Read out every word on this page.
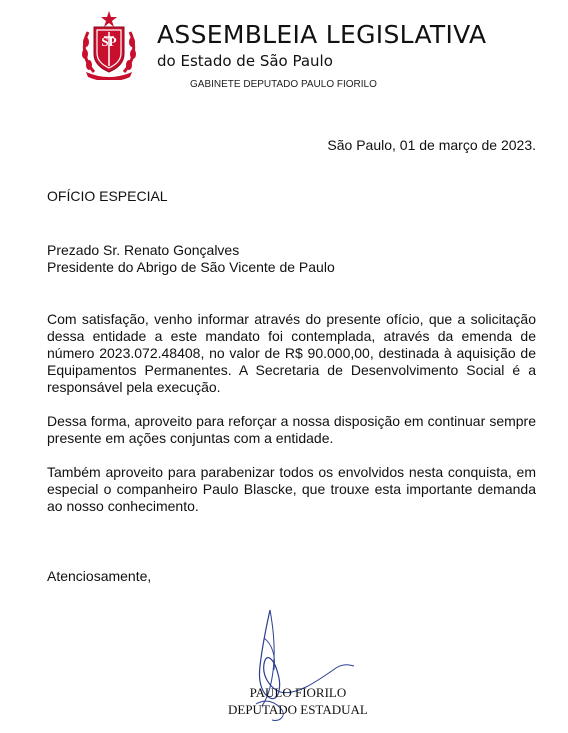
SP ASSEMBLEIA LEGISLATIVA
do Estado de São Paulo
GABINETE DEPUTADO PAULO FIORILO
São Paulo, 01 de março de 2023.
OFÍCIO ESPECIAL
Prezado Sr. Renato Gonçalves
Presidente do Abrigo de São Vicente de Paulo

Com satisfação, venho informar através do presente ofício, que a solicitação dessa entidade a este mandato foi contemplada, através da emenda de número 2023.072.48408, no valor de R$ 90.000,00, destinada à aquisição de Equipamentos Permanentes. A Secretaria de Desenvolvimento Social é a responsável pela execução.

Dessa forma, aproveito para reforçar a nossa disposição em continuar sempre presente em ações conjuntas com a entidade.

Também aproveito para parabenizar todos os envolvidos nesta conquista, em especial o companheiro Paulo Blascke, que trouxe esta importante demanda ao nosso conhecimento.

Atenciosamente,
PAULO FIORILO
DEPUTADO ESTADUAL
